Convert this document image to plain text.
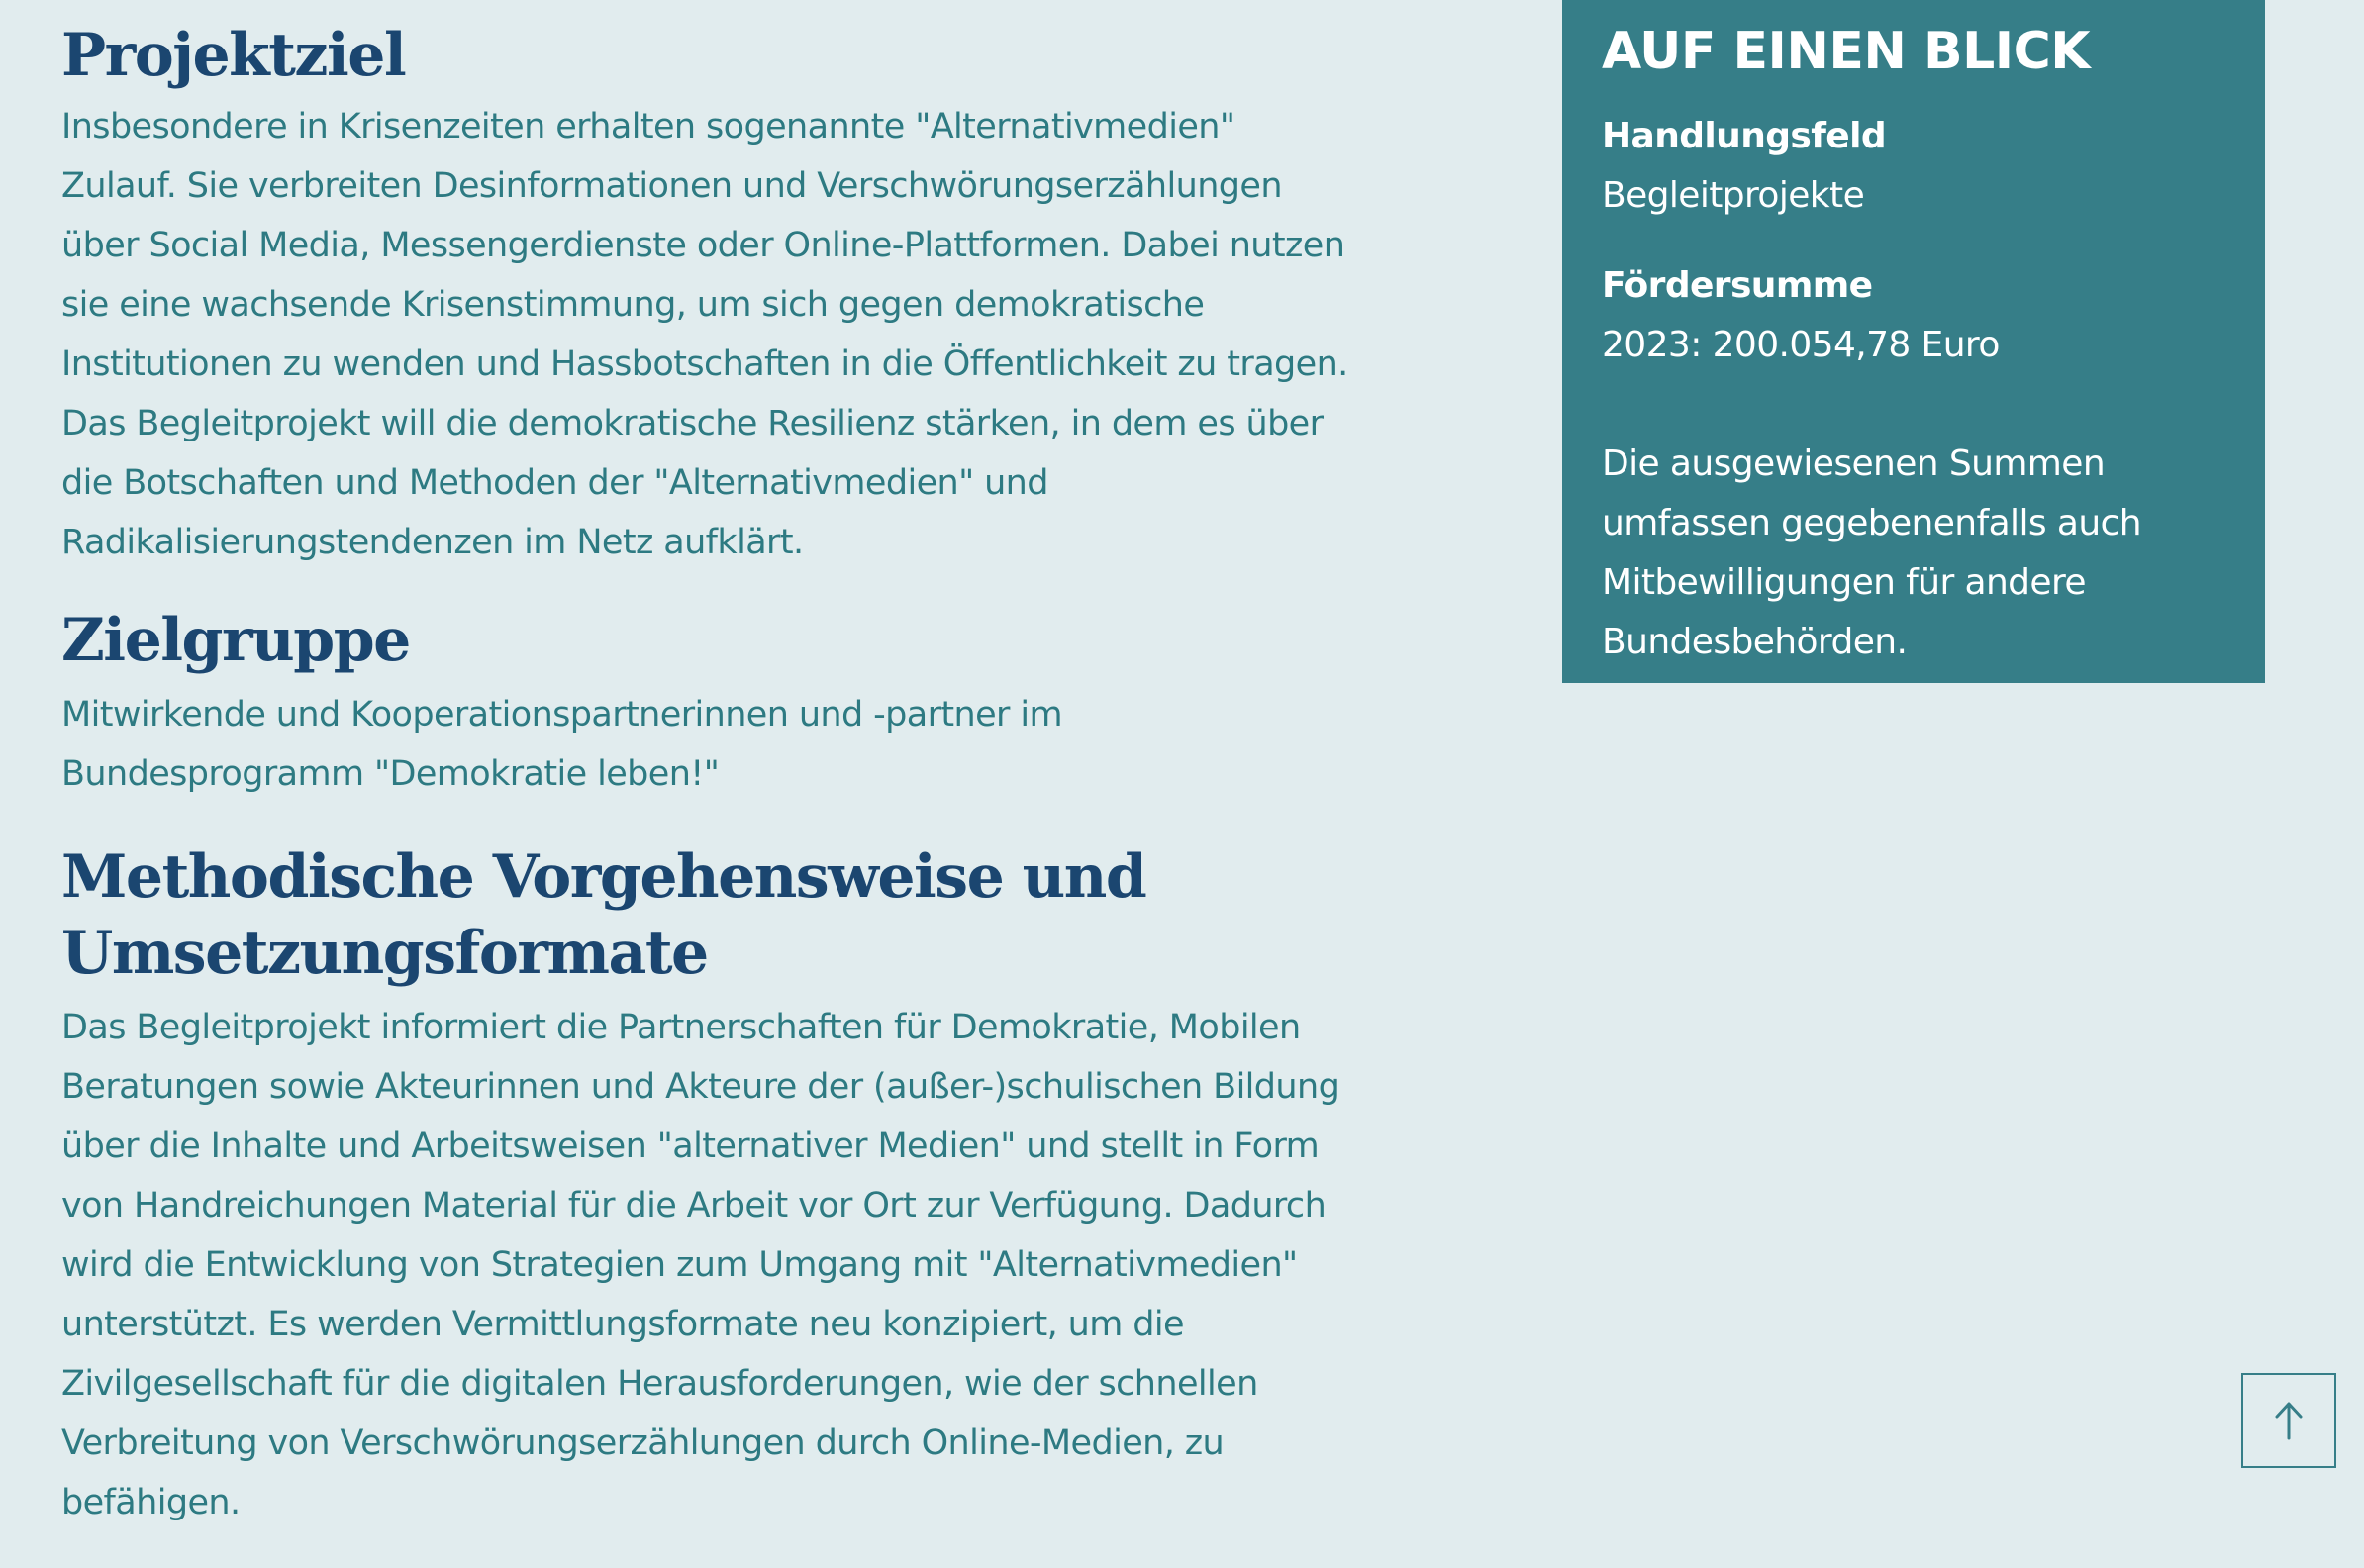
Projektziel

Insbesondere in Krisenzeiten erhalten sogenannte "Alternativmedien" Zulauf. Sie verbreiten Desinformationen und Verschwörungserzählungen über Social Media, Messengerdienste oder Online-Plattformen. Dabei nutzen sie eine wachsende Krisenstimmung, um sich gegen demokratische Institutionen zu wenden und Hassbotschaften in die Öffentlichkeit zu tragen. Das Begleitprojekt will die demokratische Resilienz stärken, in dem es über die Botschaften und Methoden der "Alternativmedien" und Radikalisierungstendenzen im Netz aufklärt.

Zielgruppe

Mitwirkende und Kooperationspartnerinnen und -partner im Bundesprogramm "Demokratie leben!"

Methodische Vorgehensweise und Umsetzungsformate

Das Begleitprojekt informiert die Partnerschaften für Demokratie, Mobilen Beratungen sowie Akteurinnen und Akteure der (außer-)schulischen Bildung über die Inhalte und Arbeitsweisen "alternativer Medien" und stellt in Form von Handreichungen Material für die Arbeit vor Ort zur Verfügung. Dadurch wird die Entwicklung von Strategien zum Umgang mit "Alternativmedien" unterstützt. Es werden Vermittlungsformate neu konzipiert, um die Zivilgesellschaft für die digitalen Herausforderungen, wie der schnellen Verbreitung von Verschwörungserzählungen durch Online-Medien, zu befähigen.

AUF EINEN BLICK

Handlungsfeld

Begleitprojekte

Fördersumme

2023: 200.054,78 Euro

Die ausgewiesenen Summen umfassen gegebenenfalls auch Mitbewilligungen für andere Bundesbehörden.
